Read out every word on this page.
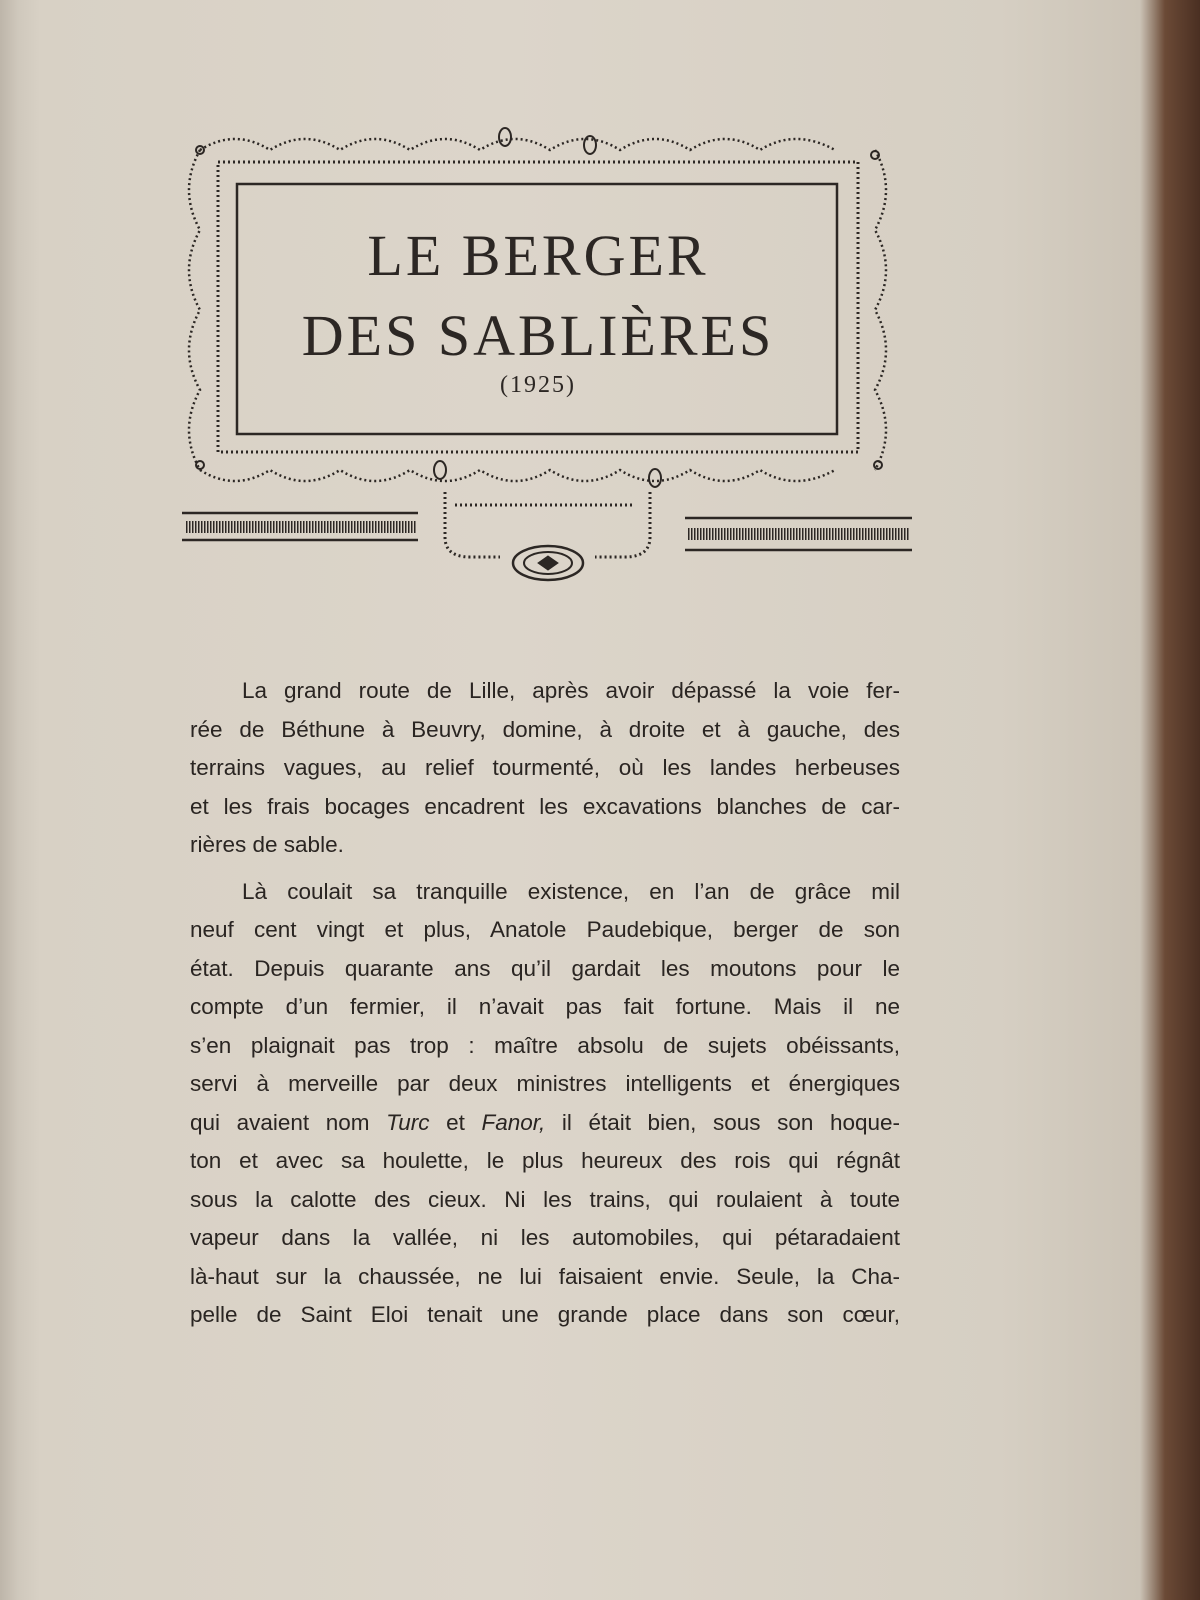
LE BERGER
DES SABLIÈRES
(1925)
La grand route de Lille, après avoir dépassé la voie fer-
rée de Béthune à Beuvry, domine, à droite et à gauche, des
terrains vagues, au relief tourmenté, où les landes herbeuses
et les frais bocages encadrent les excavations blanches de car-
rières de sable.
Là coulait sa tranquille existence, en l’an de grâce mil
neuf cent vingt et plus, Anatole Paudebique, berger de son
état. Depuis quarante ans qu’il gardait les moutons pour le
compte d’un fermier, il n’avait pas fait fortune. Mais il ne
s’en plaignait pas trop : maître absolu de sujets obéissants,
servi à merveille par deux ministres intelligents et énergiques
qui avaient nom Turc et Fanor, il était bien, sous son hoque-
ton et avec sa houlette, le plus heureux des rois qui régnât
sous la calotte des cieux. Ni les trains, qui roulaient à toute
vapeur dans la vallée, ni les automobiles, qui pétaradaient
là-haut sur la chaussée, ne lui faisaient envie. Seule, la Cha-
pelle de Saint Eloi tenait une grande place dans son cœur,
